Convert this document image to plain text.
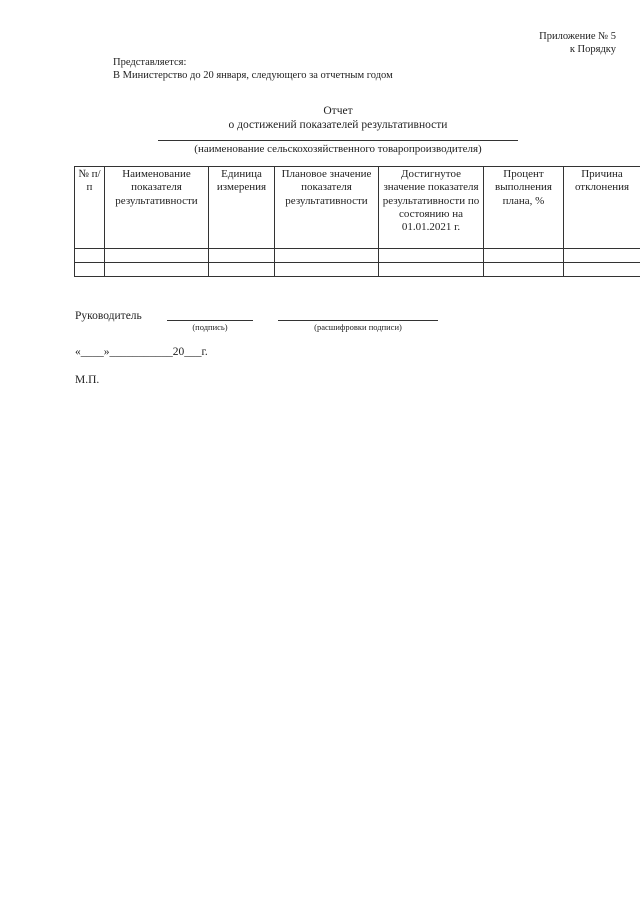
Приложение № 5
к Порядку
Представляется:
В Министерство до 20 января, следующего за отчетным годом
Отчет
о достижений показателей результативности
(наименование сельскохозяйственного товаропроизводителя)
№ п/п	Наименование показателя результативности	Единица измерения	Плановое значение показателя результативности	Достигнутое значение показателя результативности по состоянию на 01.01.2021 г.	Процент выполнения плана, %	Причина отклонения

Руководитель
(подпись)	(расшифровки подписи)
«____»___________20___г.
М.П.
